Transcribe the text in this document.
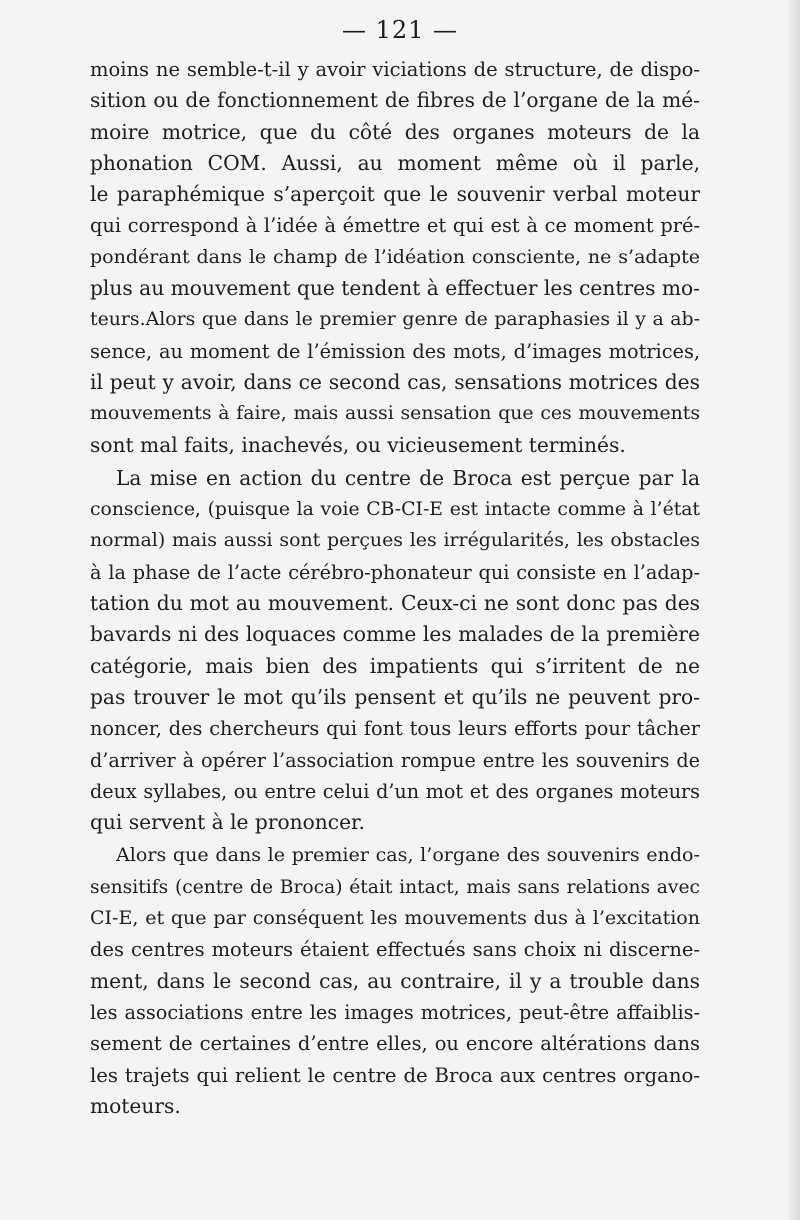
— 121 —
moins ne semble-t-il y avoir viciations de structure, de dispo-
sition ou de fonctionnement de fibres de l’organe de la mé-
moire motrice, que du côté des organes moteurs de la
phonation COM. Aussi, au moment même où il parle,
le paraphémique s’aperçoit que le souvenir verbal moteur
qui correspond à l’idée à émettre et qui est à ce moment pré-
pondérant dans le champ de l’idéation consciente, ne s’adapte
plus au mouvement que tendent à effectuer les centres mo-
teurs.Alors que dans le premier genre de paraphasies il y a ab-
sence, au moment de l’émission des mots, d’images motrices,
il peut y avoir, dans ce second cas, sensations motrices des
mouvements à faire, mais aussi sensation que ces mouvements
sont mal faits, inachevés, ou vicieusement terminés.
La mise en action du centre de Broca est perçue par la
conscience, (puisque la voie CB-CI-E est intacte comme à l’état
normal) mais aussi sont perçues les irrégularités, les obstacles
à la phase de l’acte cérébro-phonateur qui consiste en l’adap-
tation du mot au mouvement. Ceux-ci ne sont donc pas des
bavards ni des loquaces comme les malades de la première
catégorie, mais bien des impatients qui s’irritent de ne
pas trouver le mot qu’ils pensent et qu’ils ne peuvent pro-
noncer, des chercheurs qui font tous leurs efforts pour tâcher
d’arriver à opérer l’association rompue entre les souvenirs de
deux syllabes, ou entre celui d’un mot et des organes moteurs
qui servent à le prononcer.
Alors que dans le premier cas, l’organe des souvenirs endo-
sensitifs (centre de Broca) était intact, mais sans relations avec
CI-E, et que par conséquent les mouvements dus à l’excitation
des centres moteurs étaient effectués sans choix ni discerne-
ment, dans le second cas, au contraire, il y a trouble dans
les associations entre les images motrices, peut-être affaiblis-
sement de certaines d’entre elles, ou encore altérations dans
les trajets qui relient le centre de Broca aux centres organo-
moteurs.
